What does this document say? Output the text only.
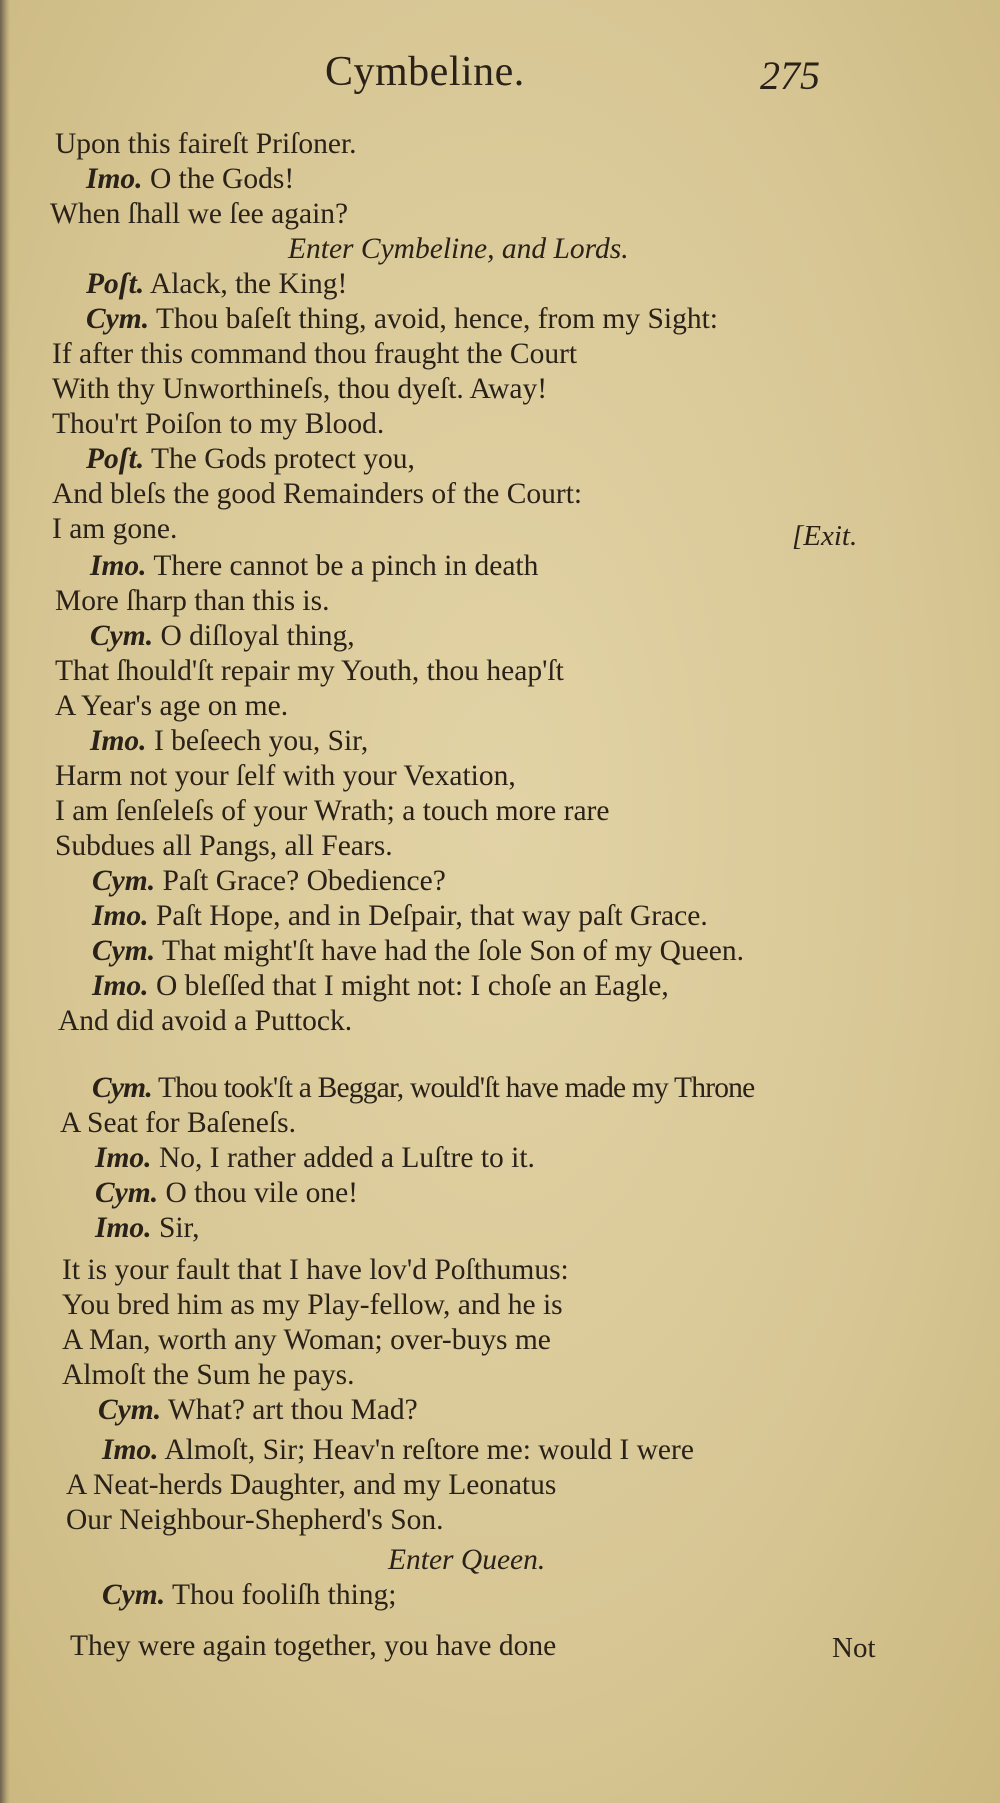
Cymbeline.	275
Upon this faireſt Priſoner.
Imo. O the Gods!
When ſhall we ſee again?
Enter Cymbeline, and Lords.
Poſt. Alack, the King!
Cym. Thou baſeſt thing, avoid, hence, from my Sight:
If after this command thou fraught the Court
With thy Unworthineſs, thou dyeſt. Away!
Thou'rt Poiſon to my Blood.
Poſt. The Gods protect you,
And bleſs the good Remainders of the Court:
I am gone.	[Exit.
Imo. There cannot be a pinch in death
More ſharp than this is.
Cym. O diſloyal thing,
That ſhould'ſt repair my Youth, thou heap'ſt
A Year's age on me.
Imo. I beſeech you, Sir,
Harm not your ſelf with your Vexation,
I am ſenſeleſs of your Wrath; a touch more rare
Subdues all Pangs, all Fears.
Cym. Paſt Grace? Obedience?
Imo. Paſt Hope, and in Deſpair, that way paſt Grace.
Cym. That might'ſt have had the ſole Son of my Queen.
Imo. O bleſſed that I might not: I choſe an Eagle,
And did avoid a Puttock.
Cym. Thou took'ſt a Beggar, would'ſt have made my Throne
A Seat for Baſeneſs.
Imo. No, I rather added a Luſtre to it.
Cym. O thou vile one!
Imo. Sir,
It is your fault that I have lov'd Poſthumus:
You bred him as my Play-fellow, and he is
A Man, worth any Woman; over-buys me
Almoſt the Sum he pays.
Cym. What? art thou Mad?
Imo. Almoſt, Sir; Heav'n reſtore me: would I were
A Neat-herds Daughter, and my Leonatus
Our Neighbour-Shepherd's Son.
Enter Queen.
Cym. Thou fooliſh thing;
They were again together, you have done	Not
